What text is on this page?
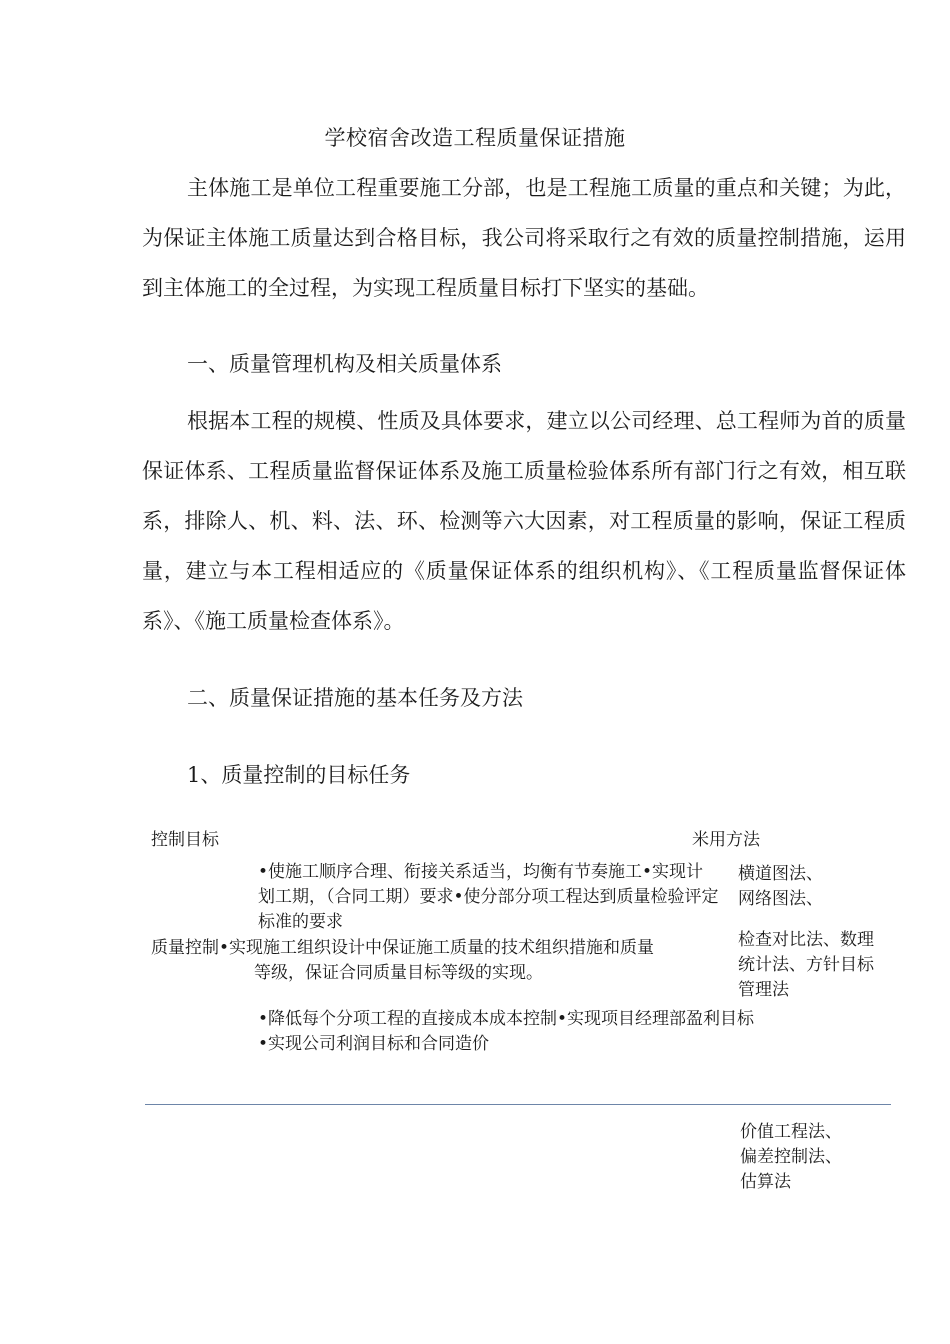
学校宿舍改造工程质量保证措施

主体施工是单位工程重要施工分部，也是工程施工质量的重点和关键；为此，为保证主体施工质量达到合格目标，我公司将采取行之有效的质量控制措施，运用到主体施工的全过程，为实现工程质量目标打下坚实的基础。

一、质量管理机构及相关质量体系

根据本工程的规模、性质及具体要求，建立以公司经理、总工程师为首的质量保证体系、工程质量监督保证体系及施工质量检验体系所有部门行之有效，相互联系，排除人、机、料、法、环、检测等六大因素，对工程质量的影响，保证工程质量，建立与本工程相适应的《质量保证体系的组织机构》、《工程质量监督保证体系》、《施工质量检查体系》。

二、质量保证措施的基本任务及方法
1、质量控制的目标任务
控制目标	米用方法

•使施工顺序合理、衔接关系适当，均衡有节奏施工•实现计划工期，（合同工期）要求•使分部分项工程达到质量检验评定标准的要求

质量控制•实现施工组织设计中保证施工质量的技术组织措施和质量
等级，保证合同质量目标等级的实现。
•降低每个分项工程的直接成本成本控制•实现项目经理部盈利目标
•实现公司利润目标和合同造价

横道图法、网络图法、

检查对比法、数理统计法、方针目标管理法

价值工程法、偏差控制法、估算法
